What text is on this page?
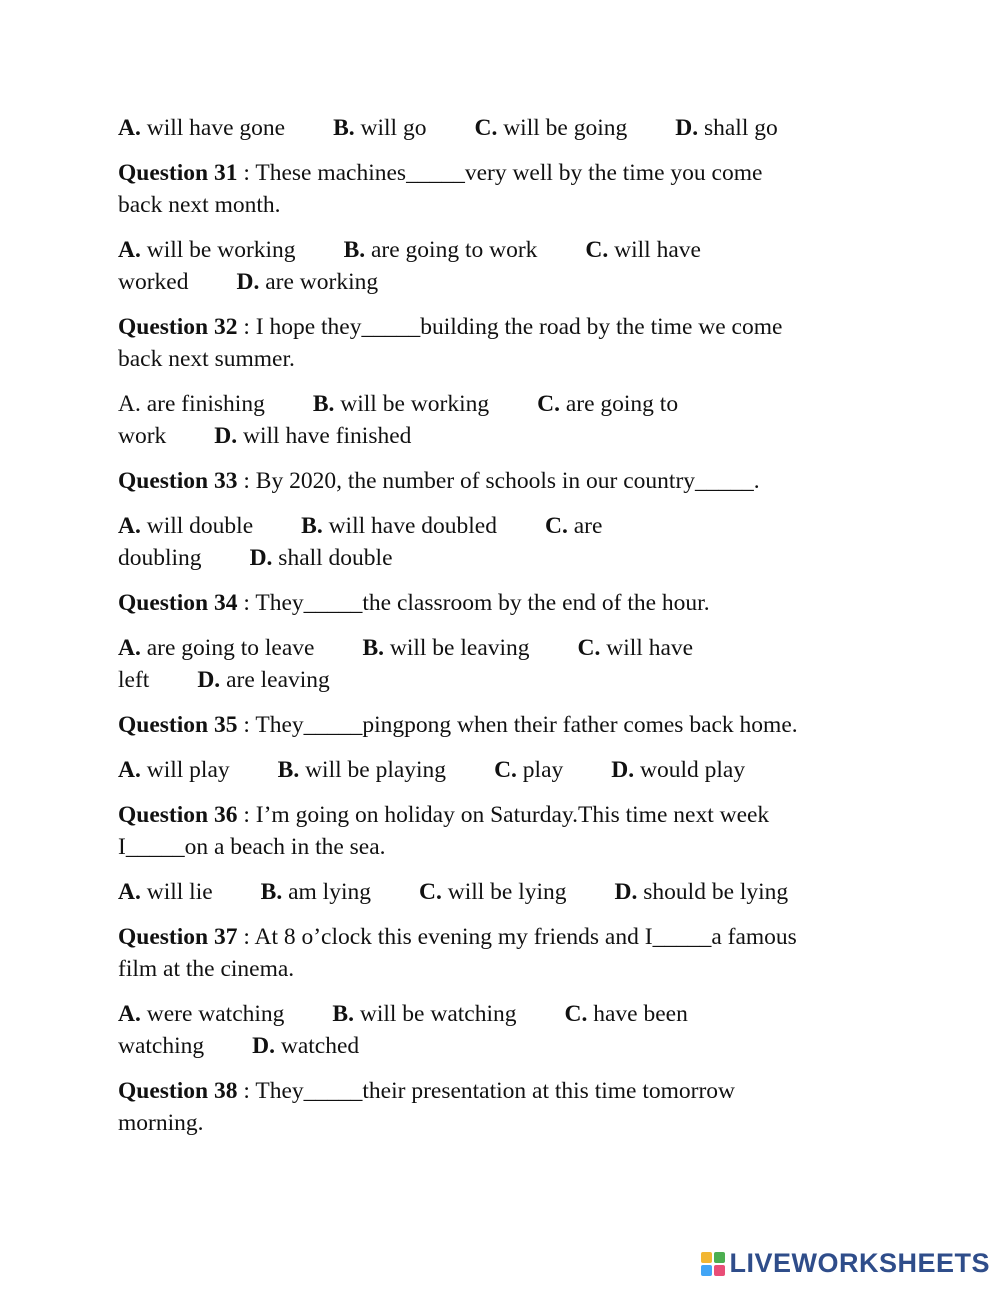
A. will have gone B. will go C. will be going D. shall go
Question 31 : These machines_____very well by the time you come
back next month.
A. will be working B. are going to work C. will have
worked D. are working
Question 32 : I hope they_____building the road by the time we come
back next summer.
A. are finishing B. will be working C. are going to
work D. will have finished
Question 33 : By 2020, the number of schools in our country_____.
A. will double B. will have doubled C. are
doubling D. shall double
Question 34 : They_____the classroom by the end of the hour.
A. are going to leave B. will be leaving C. will have
left D. are leaving
Question 35 : They_____pingpong when their father comes back home.
A. will play B. will be playing C. play D. would play
Question 36 : I’m going on holiday on Saturday.This time next week
I_____on a beach in the sea.
A. will lie B. am lying C. will be lying D. should be lying
Question 37 : At 8 o’clock this evening my friends and I_____a famous
film at the cinema.
A. were watching B. will be watching C. have been
watching D. watched
Question 38 : They_____their presentation at this time tomorrow
morning.
LIVEWORKSHEETS
